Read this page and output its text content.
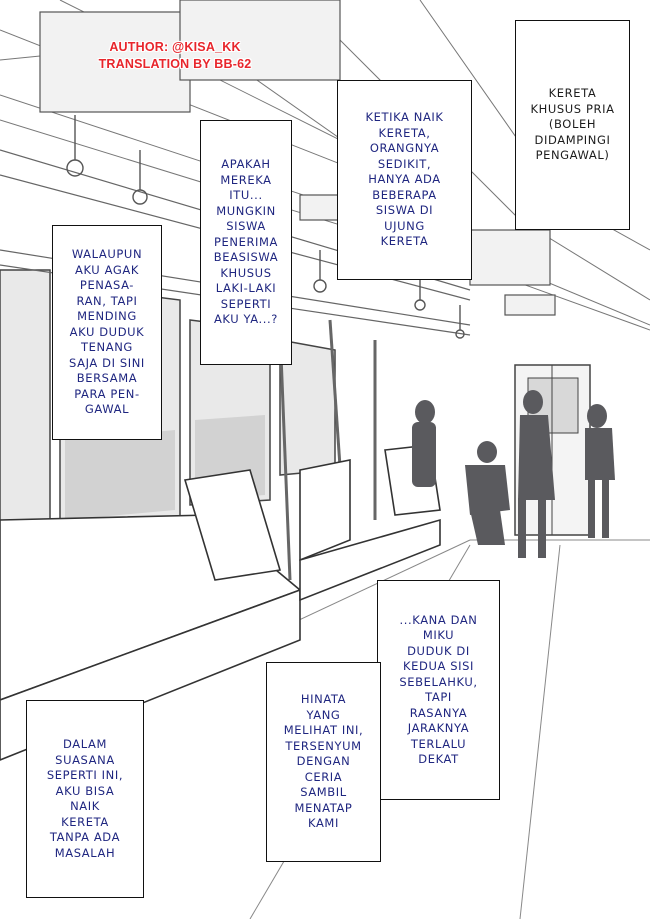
AUTHOR: @KISA_KK
TRANSLATION BY BB-62
KERETA
KHUSUS PRIA
(BOLEH
DIDAMPINGI
PENGAWAL)
KETIKA NAIK
KERETA,
ORANGNYA
SEDIKIT,
HANYA ADA
BEBERAPA
SISWA DI
UJUNG
KERETA
APAKAH
MEREKA
ITU...
MUNGKIN
SISWA
PENERIMA
BEASISWA
KHUSUS
LAKI-LAKI
SEPERTI
AKU YA...?
WALAUPUN
AKU AGAK
PENASA-
RAN, TAPI
MENDING
AKU DUDUK
TENANG
SAJA DI SINI
BERSAMA
PARA PEN-
GAWAL
...KANA DAN
MIKU
DUDUK DI
KEDUA SISI
SEBELAHKU,
TAPI
RASANYA
JARAKNYA
TERLALU
DEKAT
HINATA
YANG
MELIHAT INI,
TERSENYUM
DENGAN
CERIA
SAMBIL
MENATAP
KAMI
DALAM
SUASANA
SEPERTI INI,
AKU BISA
NAIK
KERETA
TANPA ADA
MASALAH
